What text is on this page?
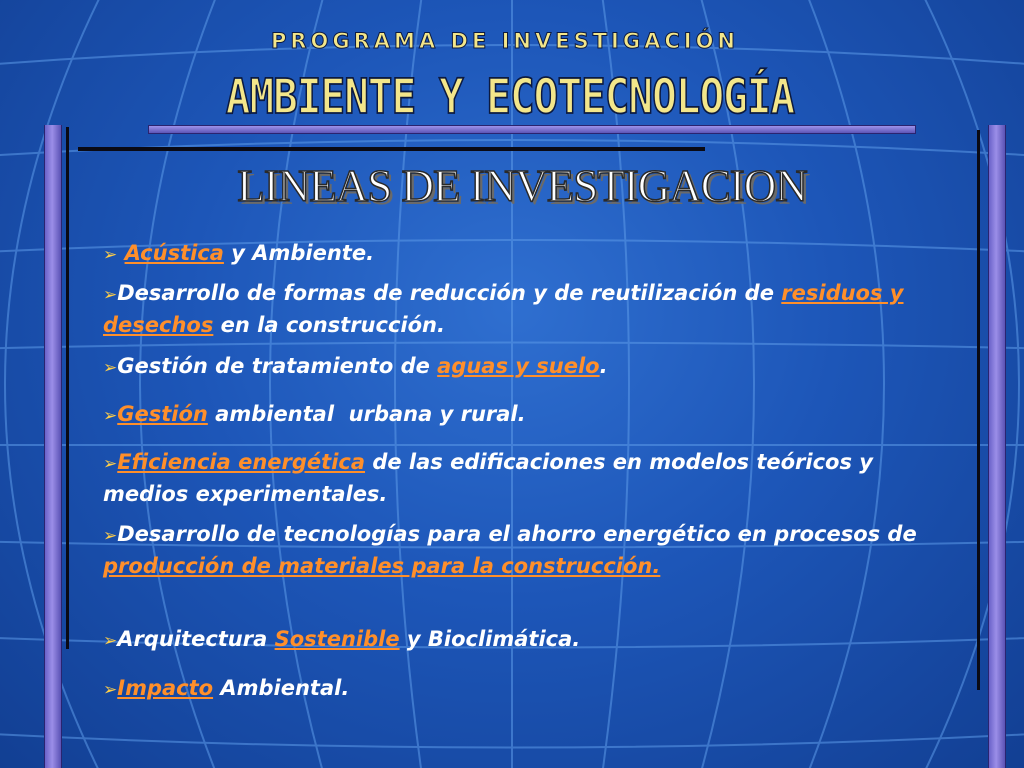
PROGRAMA DE INVESTIGACIÓN
AMBIENTE Y ECOTECNOLOGÍA
LINEAS DE INVESTIGACION
➢ Acústica y Ambiente.
➢Desarrollo de formas de reducción y de reutilización de residuos y desechos en la construcción.
➢Gestión de tratamiento de aguas y suelo.
➢Gestión ambiental  urbana y rural.
➢Eficiencia energética de las edificaciones en modelos teóricos y medios experimentales.
➢Desarrollo de tecnologías para el ahorro energético en procesos de producción de materiales para la construcción.
➢Arquitectura Sostenible y Bioclimática.
➢Impacto Ambiental.
